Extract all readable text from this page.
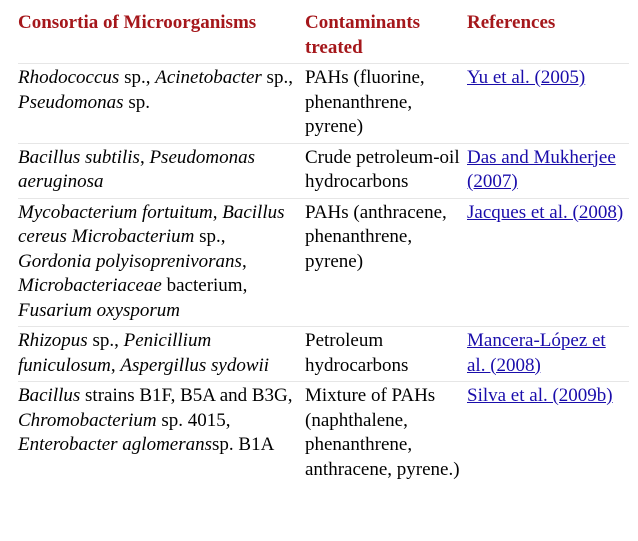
Consortia of Microorganisms	Contaminants treated	References
Rhodococcus sp., Acinetobacter sp., Pseudomonas sp.	PAHs (fluorine, phenanthrene, pyrene)	Yu et al. (2005)
Bacillus subtilis, Pseudomonas aeruginosa	Crude petroleum-oil hydrocarbons	Das and Mukherjee (2007)
Mycobacterium fortuitum, Bacillus cereus Microbacterium sp., Gordonia polyisoprenivorans, Microbacteriaceae bacterium, Fusarium oxysporum	PAHs (anthracene, phenanthrene, pyrene)	Jacques et al. (2008)
Rhizopus sp., Penicillium funiculosum, Aspergillus sydowii	Petroleum hydrocarbons	Mancera-López et al. (2008)
Bacillus strains B1F, B5A and B3G, Chromobacterium sp. 4015, Enterobacter aglomeranssp. B1A	Mixture of PAHs (naphthalene, phenanthrene, anthracene, pyrene.)	Silva et al. (2009b)
